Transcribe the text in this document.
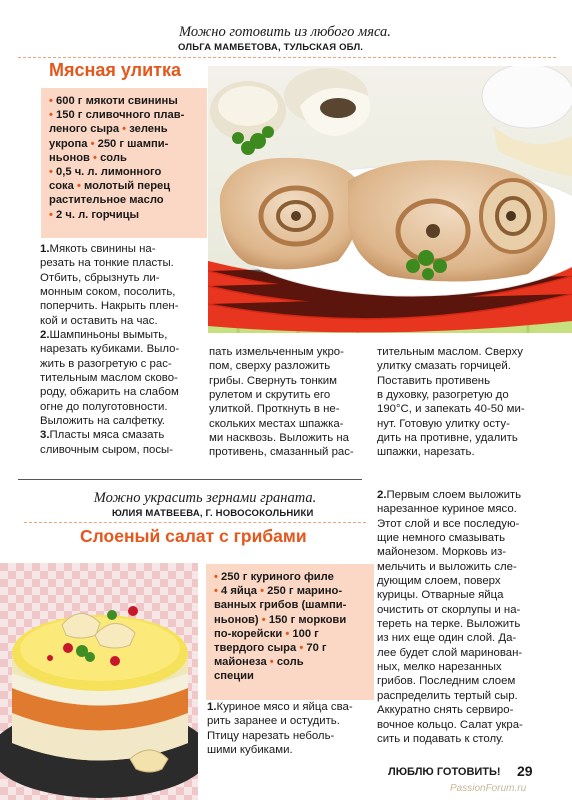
Можно готовить из любого мяса.
ОЛЬГА МАМБЕТОВА, ТУЛЬСКАЯ ОБЛ.
Мясная улитка
• 600 г мякоти свинины
• 150 г сливочного плав-
леного сыра • зелень
укропа • 250 г шампи-
ньонов • соль
• 0,5 ч. л. лимонного
сока • молотый перец
растительное масло
• 2 ч. л. горчицы
1.Мякоть свинины на-
резать на тонкие пласты.
Отбить, сбрызнуть ли-
монным соком, посолить,
поперчить. Накрыть плен-
кой и оставить на час.
2.Шампиньоны вымыть,
нарезать кубиками. Выло-
жить в разогретую с рас-
тительным маслом сково-
роду, обжарить на слабом
огне до полуготовности.
Выложить на салфетку.
3.Пласты мяса смазать
сливочным сыром, посы-
пать измельченным укро-
пом, сверху разложить
грибы. Свернуть тонким
рулетом и скрутить его
улиткой. Проткнуть в не-
скольких местах шпажка-
ми насквозь. Выложить на
противень, смазанный рас-
тительным маслом. Сверху
улитку смазать горчицей.
Поставить противень
в духовку, разогретую до
190°С, и запекать 40-50 ми-
нут. Готовую улитку осту-
дить на противне, удалить
шпажки, нарезать.
Можно украсить зернами граната.
ЮЛИЯ МАТВЕЕВА, Г. НОВОСОКОЛЬНИКИ
Слоеный салат с грибами
• 250 г куриного филе
• 4 яйца • 250 г марино-
ванных грибов (шампи-
ньонов) • 150 г моркови
по-корейски • 100 г
твердого сыра • 70 г
майонеза • соль
специи
1.Куриное мясо и яйца сва-
рить заранее и остудить.
Птицу нарезать неболь-
шими кубиками.
2.Первым слоем выложить
нарезанное куриное мясо.
Этот слой и все последую-
щие немного смазывать
майонезом. Морковь из-
мельчить и выложить сле-
дующим слоем, поверх
курицы. Отварные яйца
очистить от скорлупы и на-
тереть на терке. Выложить
из них еще один слой. Да-
лее будет слой маринован-
ных, мелко нарезанных
грибов. Последним слоем
распределить тертый сыр.
Аккуратно снять сервиро-
вочное кольцо. Салат укра-
сить и подавать к столу.
ЛЮБЛЮ ГОТОВИТЬ! 29
PassionForum.ru
